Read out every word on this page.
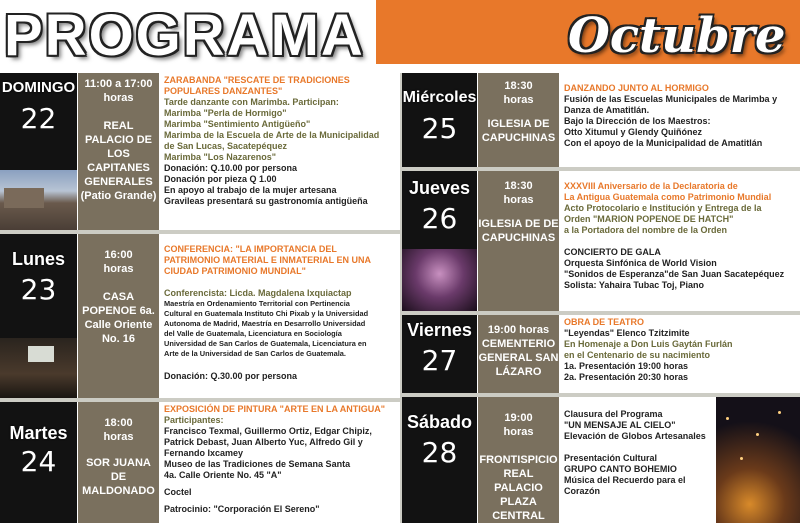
PROGRAMA	Octubre
DOMINGO
22
11:00 a 17:00 horas
REAL PALACIO DE LOS CAPITANES GENERALES (Patio Grande)
ZARABANDA "RESCATE DE TRADICIONES
POPULARES DANZANTES"
Tarde danzante con Marimba. Participan:
Marimba "Perla de Hormigo"
Marimba "Sentimiento Antigüeño"
Marimba de la Escuela de Arte de la Municipalidad
de San Lucas, Sacatepéquez
Marimba "Los Nazarenos"
Donación: Q.10.00 por persona
Donación por pieza Q 1.00
En apoyo al trabajo de la mujer artesana
Gravileas presentará su gastronomía antigüeña
Lunes
23
16:00 horas
CASA POPENOE 6a. Calle Oriente No. 16
CONFERENCIA: "LA IMPORTANCIA DEL
PATRIMONIO MATERIAL E INMATERIAL EN UNA
CIUDAD PATRIMONIO MUNDIAL"
Conferencista: Licda. Magdalena Ixquiactap
Maestría en Ordenamiento Territorial con Pertinencia
Cultural en Guatemala Instituto Chi Pixab y la Universidad
Autonoma de Madrid, Maestría en Desarrollo Universidad
del Valle de Guatemala, Licenciatura en Sociología
Universidad de San Carlos de Guatemala, Licenciatura en
Arte de la Universidad de San Carlos de Guatemala.
Donación: Q.30.00 por persona
Martes
24
18:00 horas
SOR JUANA DE MALDONADO
EXPOSICIÓN DE PINTURA "ARTE EN LA ANTIGUA"
Participantes:
Francisco Texmal, Guillermo Ortiz, Edgar Chipiz,
Patrick Debast, Juan Alberto Yuc, Alfredo Gil y
Fernando Ixcamey
Museo de las Tradiciones de Semana Santa
4a. Calle Oriente No. 45 "A"
Coctel
Patrocinio: "Corporación El Sereno"
Miércoles
25
18:30 horas
IGLESIA DE CAPUCHINAS
DANZANDO JUNTO AL HORMIGO
Fusión de las Escuelas Municipales de Marimba y
Danza de Amatitlán.
Bajo la Dirección de los Maestros:
Otto Xitumul y Glendy Quiñónez
Con el apoyo de la Municipalidad de Amatitlán
Jueves
26
18:30 horas
IGLESIA DE DE CAPUCHINAS
XXXVIII Aniversario de la Declaratoria de
La Antigua Guatemala como Patrimonio Mundial
Acto Protocolario e Institución y Entrega de la
Orden "MARION POPENOE DE HATCH"
a la Portadora del nombre de la Orden
CONCIERTO DE GALA
Orquesta Sinfónica de World Vision
"Sonidos de Esperanza"de San Juan Sacatepéquez
Solista: Yahaira Tubac Toj, Piano
Viernes
27
19:00 horas
CEMENTERIO GENERAL SAN LÁZARO
OBRA DE TEATRO
"Leyendas" Elenco Tzitzimite
En Homenaje a Don Luis Gaytán Furlán
en el Centenario de su nacimiento
1a. Presentación 19:00 horas
2a. Presentación 20:30 horas
Sábado
28
19:00 horas
FRONTISPICIO REAL PALACIO PLAZA CENTRAL
Clausura del Programa
"UN MENSAJE AL CIELO"
Elevación de Globos Artesanales
Presentación Cultural
GRUPO CANTO BOHEMIO
Música del Recuerdo para el
Corazón
